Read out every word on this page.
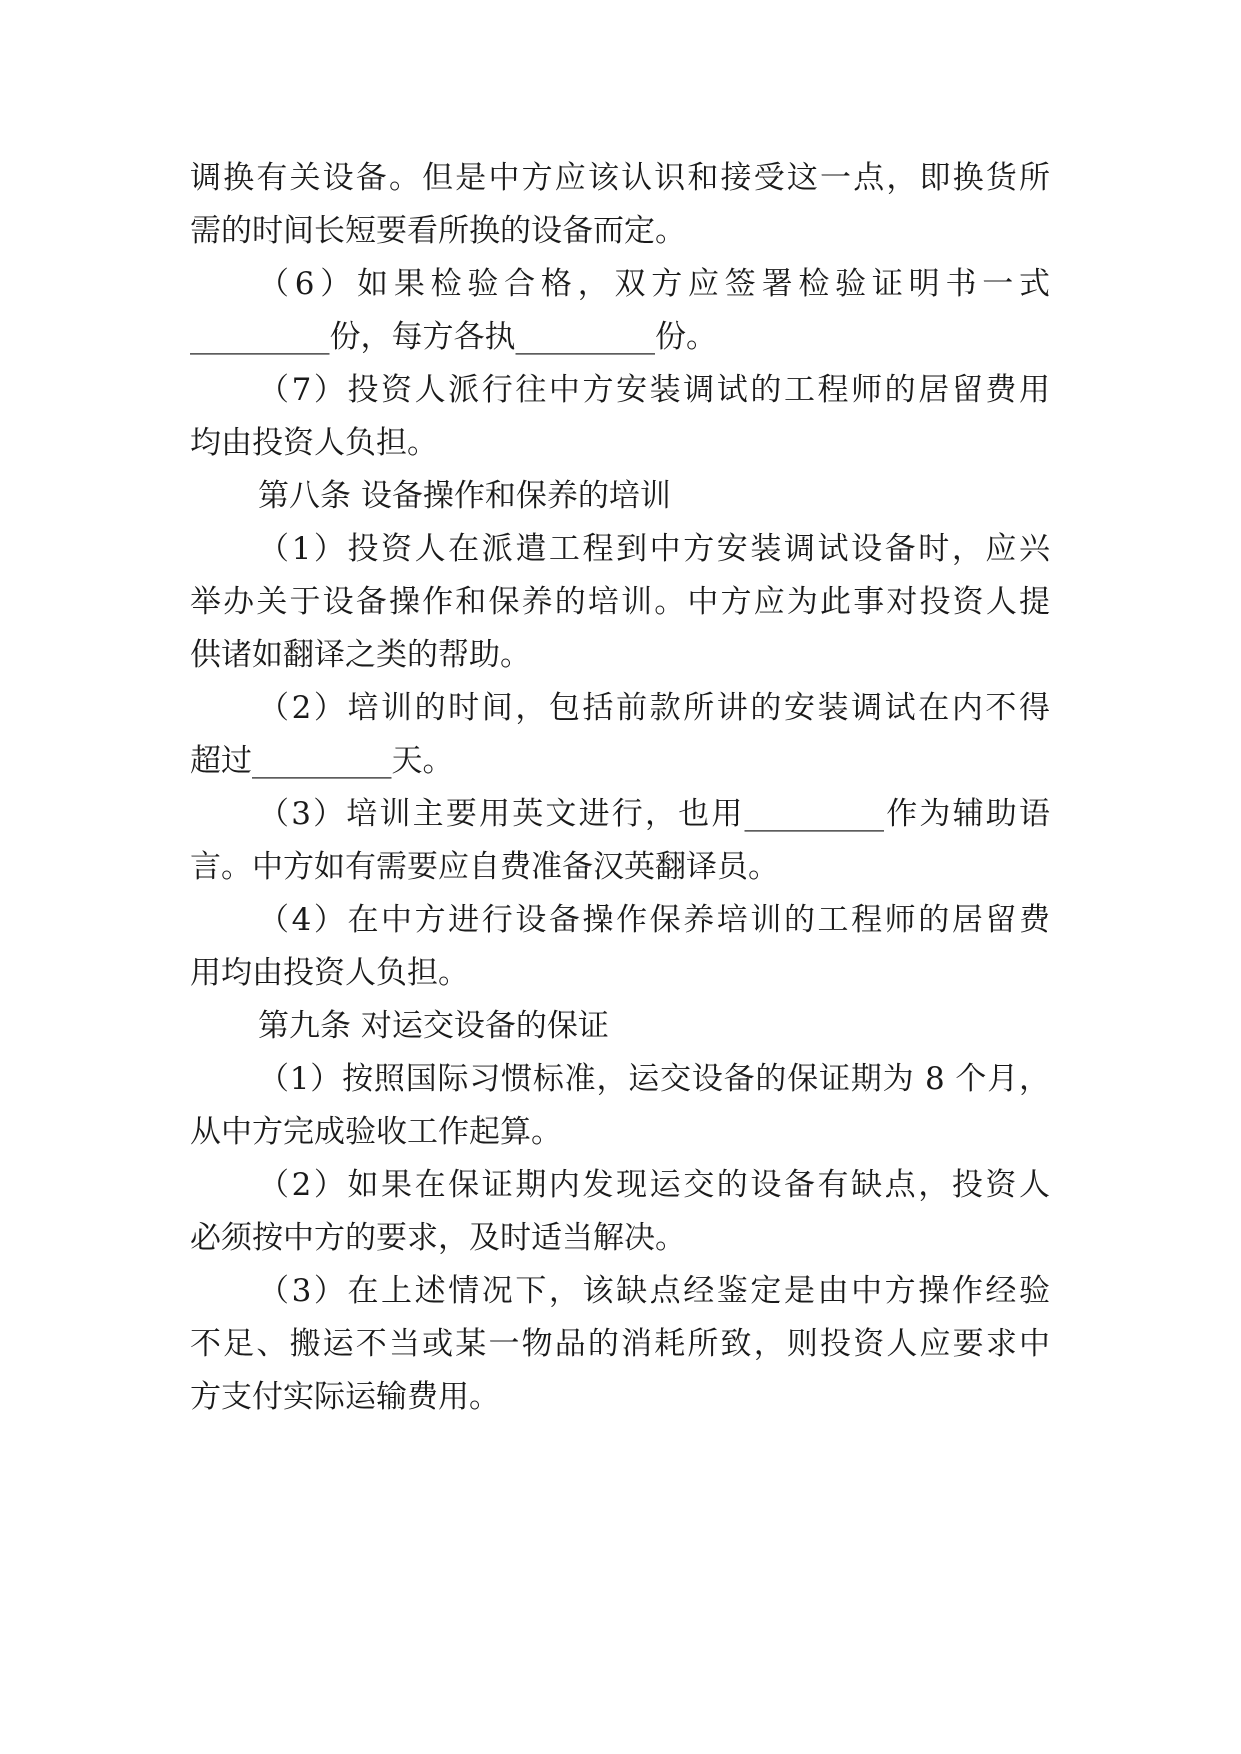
调换有关设备。但是中方应该认识和接受这一点，即换货所
需的时间长短要看所换的设备而定。
（6）如果检验合格，双方应签署检验证明书一式
_________份，每方各执_________份。
（7）投资人派行往中方安装调试的工程师的居留费用
均由投资人负担。
第八条 设备操作和保养的培训
（1）投资人在派遣工程到中方安装调试设备时，应兴
举办关于设备操作和保养的培训。中方应为此事对投资人提
供诸如翻译之类的帮助。
（2）培训的时间，包括前款所讲的安装调试在内不得
超过_________天。
（3）培训主要用英文进行，也用_________作为辅助语
言。中方如有需要应自费准备汉英翻译员。
（4）在中方进行设备操作保养培训的工程师的居留费
用均由投资人负担。
第九条 对运交设备的保证
（1）按照国际习惯标准，运交设备的保证期为 8 个月，
从中方完成验收工作起算。
（2）如果在保证期内发现运交的设备有缺点，投资人
必须按中方的要求，及时适当解决。
（3）在上述情况下，该缺点经鉴定是由中方操作经验
不足、搬运不当或某一物品的消耗所致，则投资人应要求中
方支付实际运输费用。
